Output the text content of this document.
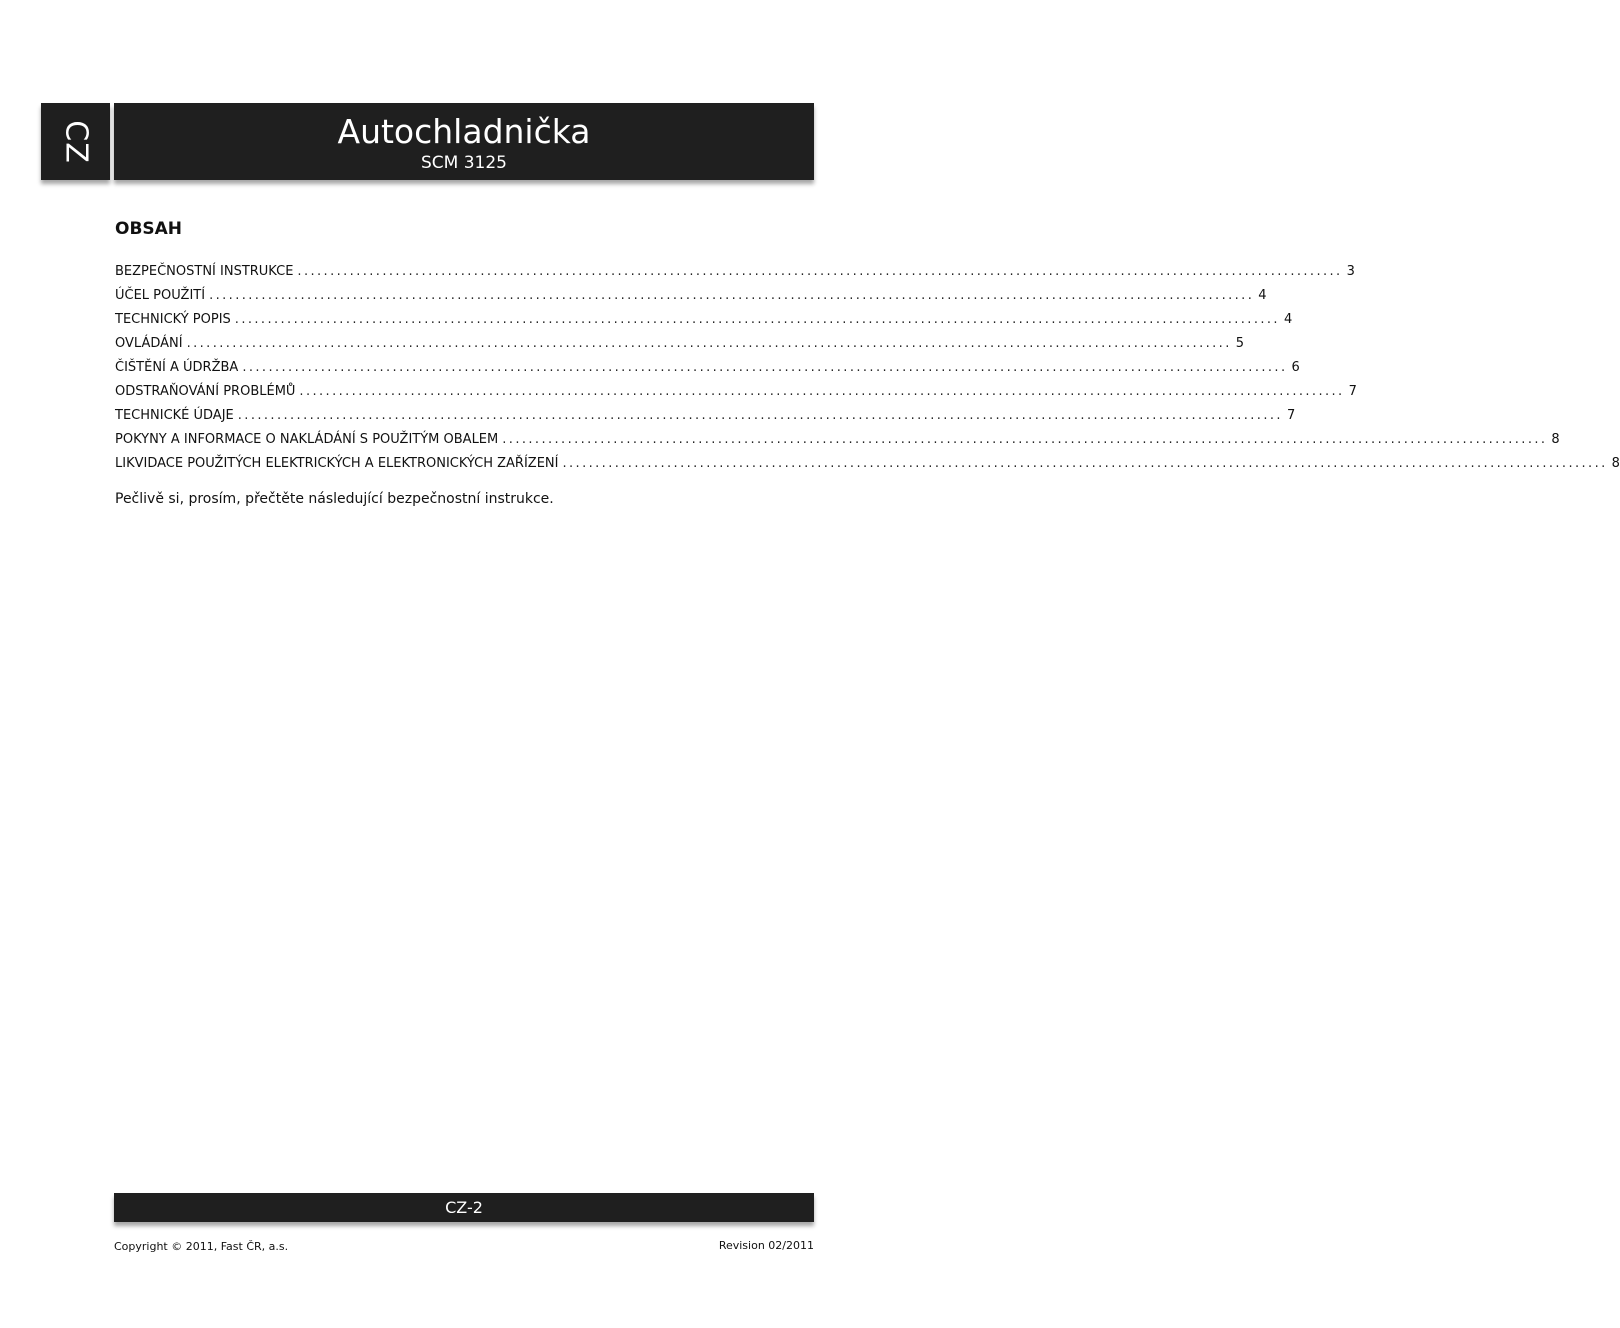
CZ	Autochladnička
SCM 3125
OBSAH
BEZPEČNOSTNÍ INSTRUKCE ................................................................................................................................................................ 3
ÚČEL POUŽITÍ ................................................................................................................................................................ 4
TECHNICKÝ POPIS ................................................................................................................................................................ 4
OVLÁDÁNÍ ................................................................................................................................................................ 5
ČIŠTĚNÍ A ÚDRŽBA ................................................................................................................................................................ 6
ODSTRAŇOVÁNÍ PROBLÉMŮ ................................................................................................................................................................ 7
TECHNICKÉ ÚDAJE ................................................................................................................................................................ 7
POKYNY A INFORMACE O NAKLÁDÁNÍ S POUŽITÝM OBALEM ................................................................................................................................................................ 8
LIKVIDACE POUŽITÝCH ELEKTRICKÝCH A ELEKTRONICKÝCH ZAŘÍZENÍ ................................................................................................................................................................ 8
Pečlivě si, prosím, přečtěte následující bezpečnostní instrukce.
CZ-2
Copyright © 2011, Fast ČR, a.s.	Revision 02/2011
